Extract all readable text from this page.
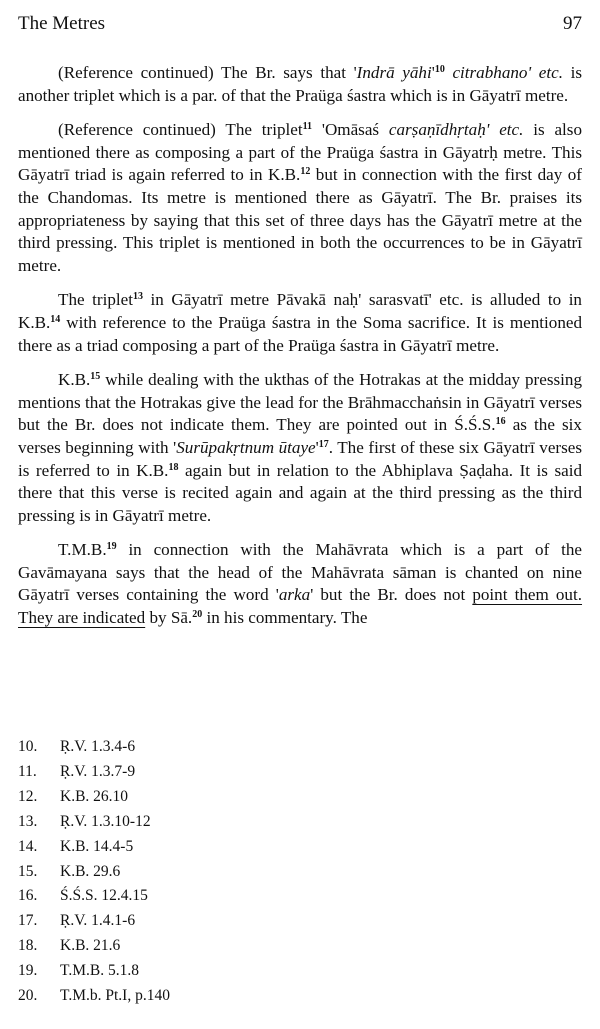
The Metres	97

(Reference continued) The Br. says that 'Indrā $yāhi'^{10}$ citrabhano' etc. is another triplet which is a par. of that the Praüga śastra which is in Gāyatrī metre.

(Reference continued) The triplet$^{11}$ 'Omāsaś carṣaṇīdhṛtaḥ' etc. is also mentioned there as composing a part of the Praüga śastra in Gāyatrḥ metre. This Gāyatrī triad is again referred to in K.B.$^{12}$ but in connection with the first day of the Chandomas. Its metre is mentioned there as Gāyatrī. The Br. praises its appropriateness by saying that this set of three days has the Gāyatrī metre at the third pressing. This triplet is mentioned in both the occurrences to be in Gāyatrī metre.

The triplet$^{13}$ in Gāyatrī metre Pāvakā naḥ' sarasvatī' etc. is alluded to in K.B.$^{14}$ with reference to the Praüga śastra in the Soma sacrifice. It is mentioned there as a triad composing a part of the Praüga śastra in Gāyatrī metre.

K.B.$^{15}$ while dealing with the ukthas of the Hotrakas at the midday pressing mentions that the Hotrakas give the lead for the Brāhmacchaṅsin in Gāyatrī verses but the Br. does not indicate them. They are pointed out in Ś.Ś.S.$^{16}$ as the six verses beginning with 'Surūpakṛtnum $ūtaye'^{17}$. The first of these six Gāyatrī verses is referred to in K.B.$^{18}$ again but in relation to the Abhiplava Ṣaḍaha. It is said there that this verse is recited again and again at the third pressing as the third pressing is in Gāyatrī metre.

T.M.B.$^{19}$ in connection with the Mahāvrata which is a part of the Gavāmayana says that the head of the Mahāvrata sāman is chanted on nine Gāyatrī verses containing the word 'arka' but the Br. does not point them out. They are indicated by Sā.$^{20}$ in his commentary. The

10.	Ṛ.V. 1.3.4-6
11.	Ṛ.V. 1.3.7-9
12.	K.B. 26.10
13.	Ṛ.V. 1.3.10-12
14.	K.B. 14.4-5
15.	K.B. 29.6
16.	Ś.Ś.S. 12.4.15
17.	Ṛ.V. 1.4.1-6
18.	K.B. 21.6
19.	T.M.B. 5.1.8
20.	T.M.b. Pt.I, p.140
